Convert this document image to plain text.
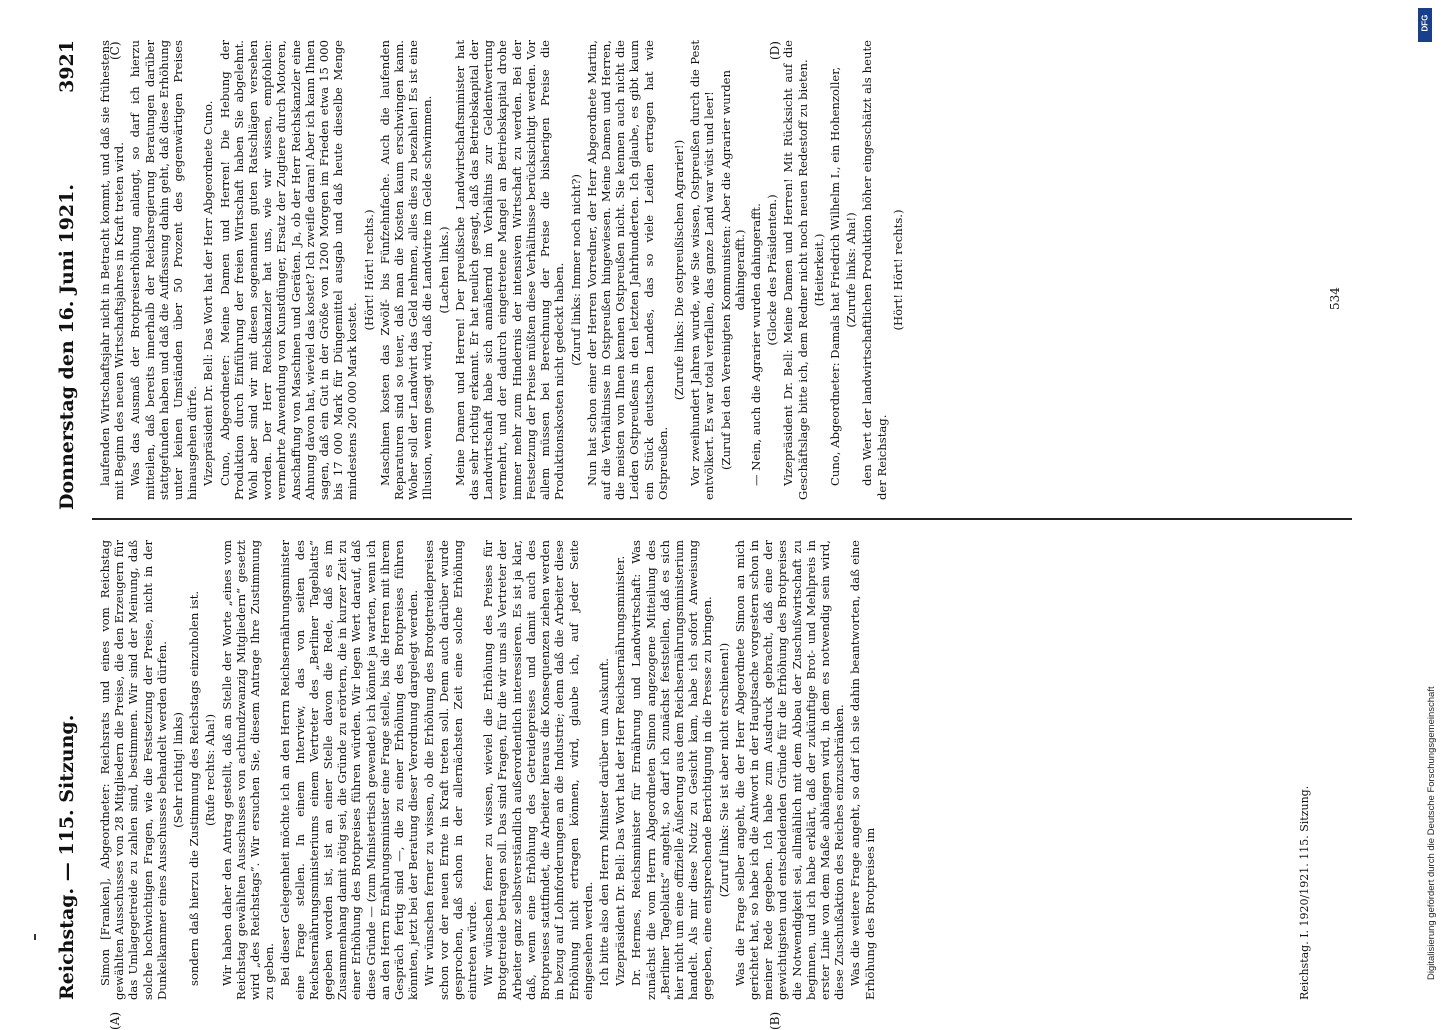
Reichstag. — 115. Sitzung.
Donnerstag den 16. Juni 1921.
3921
(A)	(B)
(C)	(D)

Simon [Franken], Abgeordneter: Reichsrats und eines vom Reichstag gewählten Ausschusses von 28 Mitgliedern die Preise, die den Erzeugern für das Umlagegetreide zu zahlen sind, bestimmen. Wir sind der Meinung, daß solche hochwichtigen Fragen, wie die Festsetzung der Preise, nicht in der Dunkelkammer eines Ausschusses behandelt werden dürfen. (Sehr richtig! links) sondern daß hierzu die Zustimmung des Reichstags einzuholen ist. (Rufe rechts: Aha!) Wir haben daher den Antrag gestellt, daß an Stelle der Worte „eines vom Reichstag gewählten Ausschusses von achtundzwanzig Mitgliedern“ gesetzt wird „des Reichstags“. Wir ersuchen Sie, diesem Antrage Ihre Zustimmung zu geben. Bei dieser Gelegenheit möchte ich an den Herrn Reichsernährungsminister eine Frage stellen. In einem Interview, das von seiten des Reichsernährungsministeriums einem Vertreter des „Berliner Tageblatts“ gegeben worden ist, ist an einer Stelle davon die Rede, daß es im Zusammenhang damit nötig sei, die Gründe zu erörtern, die in kurzer Zeit zu einer Erhöhung des Brotpreises führen würden. Wir legen Wert darauf, daß diese Gründe — (zum Ministertisch gewendet) ich könnte ja warten, wenn ich an den Herrn Ernährungsminister eine Frage stelle, bis die Herren mit ihrem Gespräch fertig sind —, die zu einer Erhöhung des Brotpreises führen könnten, jetzt bei der Beratung dieser Verordnung dargelegt werden. Wir wünschen ferner zu wissen, ob die Erhöhung des Brotgetreidepreises schon vor der neuen Ernte in Kraft treten soll. Denn auch darüber wurde gesprochen, daß schon in der allernächsten Zeit eine solche Erhöhung eintreten würde. Wir wünschen ferner zu wissen, wieviel die Erhöhung des Preises für Brotgetreide betragen soll. Das sind Fragen, für die wir uns als Vertreter der Arbeiter ganz selbstverständlich außerordentlich interessieren. Es ist ja klar, daß, wenn eine Erhöhung des Getreidepreises und damit auch des Brotpreises stattfindet, die Arbeiter hieraus die Konsequenzen ziehen werden in bezug auf Lohnforderungen an die Industrie; denn daß die Arbeiter diese Erhöhung nicht ertragen können, wird, glaube ich, auf jeder Seite eingesehen werden. Ich bitte also den Herrn Minister darüber um Auskunft. Vizepräsident Dr. Bell: Das Wort hat der Herr Reichsernährungsminister. Dr. Hermes, Reichsminister für Ernährung und Landwirtschaft: Was zunächst die vom Herrn Abgeordneten Simon angezogene Mitteilung des „Berliner Tageblatts“ angeht, so darf ich zunächst feststellen, daß es sich hier nicht um eine offizielle Äußerung aus dem Reichsernährungsministerium handelt. Als mir diese Notiz zu Gesicht kam, habe ich sofort Anweisung gegeben, eine entsprechende Berichtigung in die Presse zu bringen. (Zuruf links: Sie ist aber nicht erschienen!) Was die Frage selber angeht, die der Herr Abgeordnete Simon an mich gerichtet hat, so habe ich die Antwort in der Hauptsache vorgestern schon in meiner Rede gegeben. Ich habe zum Ausdruck gebracht, daß eine der gewichtigsten und entscheidenden Gründe für die Erhöhung des Brotpreises die Notwendigkeit sei, allmählich mit dem Abbau der Zuschußwirtschaft zu beginnen, und ich habe erklärt, daß der zukünftige Brot- und Mehlpreis in erster Linie von dem Maße abhängen wird, in dem es notwendig sein wird, diese Zuschußaktion des Reiches einzuschränken. Was die weitere Frage angeht, so darf ich sie dahin beantworten, daß eine Erhöhung des Brotpreises im

laufenden Wirtschaftsjahr nicht in Betracht kommt, und daß sie frühestens mit Beginn des neuen Wirtschaftsjahres in Kraft treten wird. Was das Ausmaß der Brotpreiserhöhung anlangt, so darf ich hierzu mitteilen, daß bereits innerhalb der Reichsregierung Beratungen darüber stattgefunden haben und daß die Auffassung dahin geht, daß diese Erhöhung unter keinen Umständen über 50 Prozent des gegenwärtigen Preises hinausgehen dürfe. Vizepräsident Dr. Bell: Das Wort hat der Herr Abgeordnete Cuno. Cuno, Abgeordneter: Meine Damen und Herren! Die Hebung der Produktion durch Einführung der freien Wirtschaft haben Sie abgelehnt. Wohl aber sind wir mit diesen sogenannten guten Ratschlägen versehen worden. Der Herr Reichskanzler hat uns, wie wir wissen, empfohlen: vermehrte Anwendung von Kunstdünger, Ersatz der Zugtiere durch Motoren, Anschaffung von Maschinen und Geräten. Ja, ob der Herr Reichskanzler eine Ahnung davon hat, wieviel das kostet? Ich zweifle daran! Aber ich kann Ihnen sagen, daß ein Gut in der Größe von 1200 Morgen im Frieden etwa 15 000 bis 17 000 Mark für Düngemittel ausgab und daß heute dieselbe Menge mindestens 200 000 Mark kostet.

(Hört! Hört! rechts.) Maschinen kosten das Zwölf- bis Fünfzehnfache. Auch die laufenden Reparaturen sind so teuer, daß man die Kosten kaum erschwingen kann. Woher soll der Landwirt das Geld nehmen, alles dies zu bezahlen! Es ist eine Illusion, wenn gesagt wird, daß die Landwirte im Gelde schwimmen. (Lachen links.) Meine Damen und Herren! Der preußische Landwirtschaftsminister hat das sehr richtig erkannt. Er hat neulich gesagt, daß das Betriebskapital der Landwirtschaft habe sich annähernd im Verhältnis zur Geldentwertung vermehrt, und der dadurch eingetretene Mangel an Betriebskapital drohe immer mehr zum Hindernis der intensiven Wirtschaft zu werden. Bei der Festsetzung der Preise müßten diese Verhältnisse berücksichtigt werden. Vor allem müssen bei Berechnung der Preise die bisherigen Preise die Produktionskosten nicht gedeckt haben. (Zuruf links: Immer noch nicht?) Nun hat schon einer der Herren Vorredner, der Herr Abgeordnete Martin, auf die Verhältnisse in Ostpreußen hingewiesen. Meine Damen und Herren, die meisten von Ihnen kennen Ostpreußen nicht. Sie kennen auch nicht die Leiden Ostpreußens in den letzten Jahrhunderten. Ich glaube, es gibt kaum ein Stück deutschen Landes, das so viele Leiden ertragen hat wie Ostpreußen.

(Zurufe links: Die ostpreußischen Agrarier!) Vor zweihundert Jahren wurde, wie Sie wissen, Ostpreußen durch die Pest entvölkert. Es war total verfallen, das ganze Land war wüst und leer! (Zuruf bei den Vereinigten Kommunisten: Aber die Agrarier wurden dahingerafft.) — Nein, auch die Agrarier wurden dahingerafft. (Glocke des Präsidenten.) Vizepräsident Dr. Bell: Meine Damen und Herren! Mit Rücksicht auf die Geschäftslage bitte ich, dem Redner nicht noch neuen Redestoff zu bieten. (Heiterkeit.) Cuno, Abgeordneter: Damals hat Friedrich Wilhelm I., ein Hohenzoller, (Zurufe links: Aha!) den Wert der landwirtschaftlichen Produktion höher eingeschätzt als heute der Reichstag.

(Hört! Hört! rechts.)

Reichstag. I. 1920/1921. 115. Sitzung.
534
Digitalisierung gefördert durch die Deutsche Forschungsgemeinschaft
DFG
